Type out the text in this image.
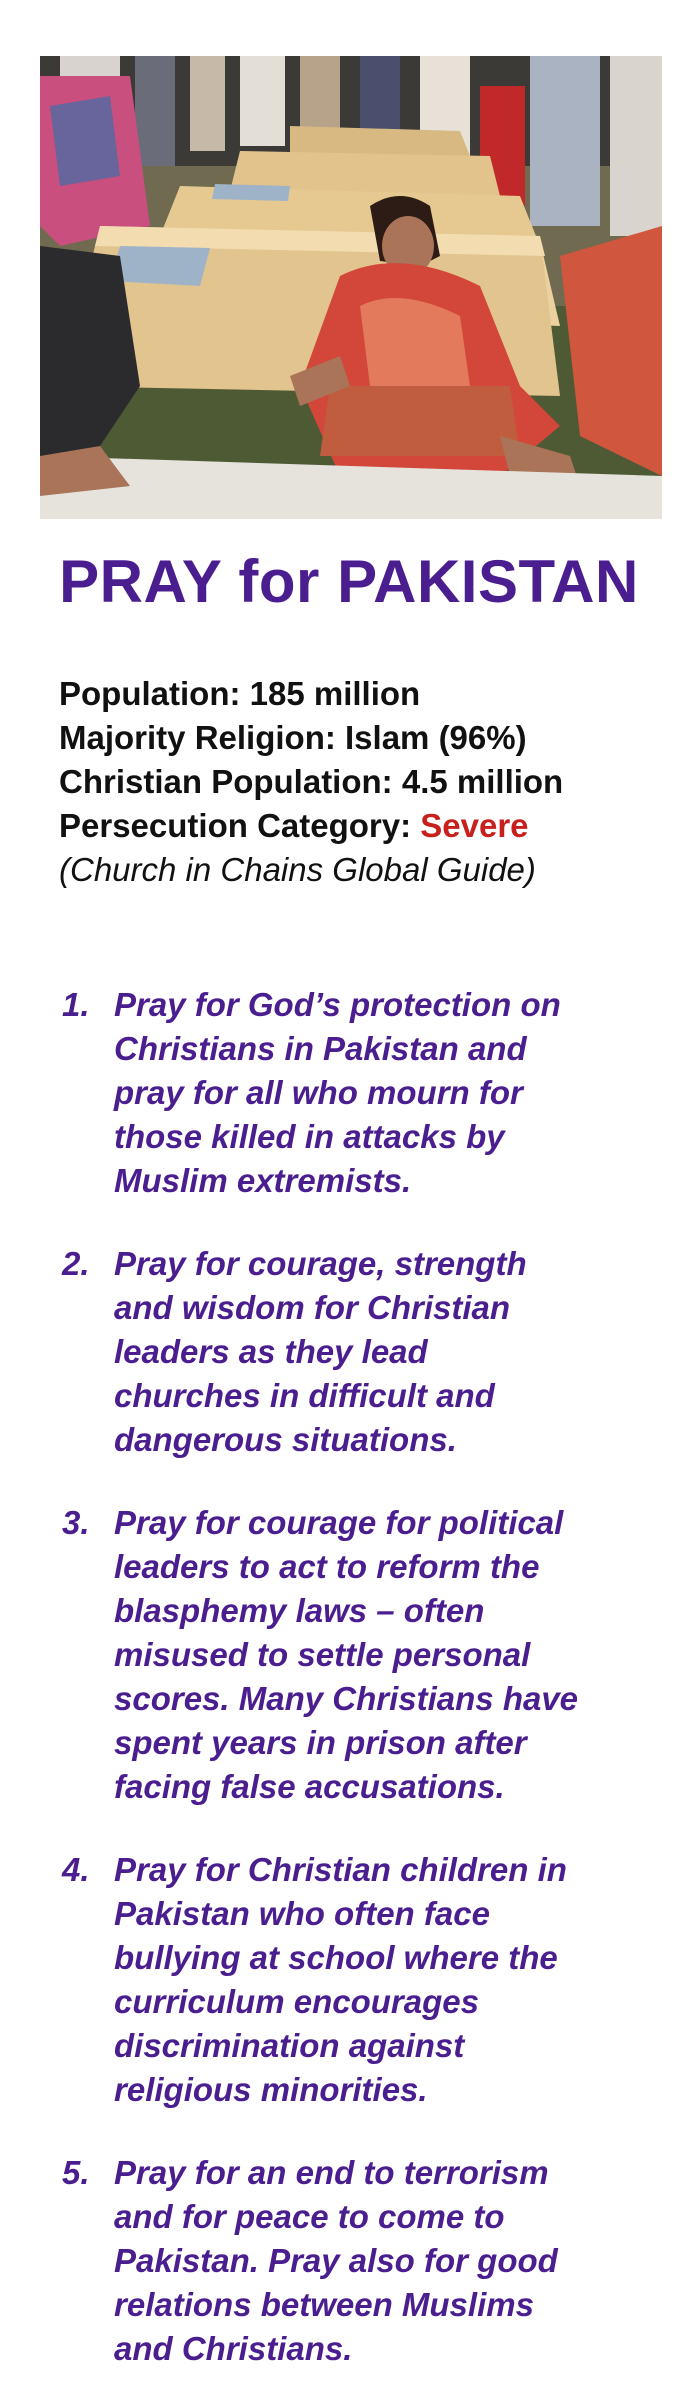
PRAY for PAKISTAN
Population: 185 million
Majority Religion: Islam (96%)
Christian Population: 4.5 million
Persecution Category: Severe
(Church in Chains Global Guide)
1. Pray for God’s protection on
Christians in Pakistan and
pray for all who mourn for
those killed in attacks by
Muslim extremists.
2. Pray for courage, strength
and wisdom for Christian
leaders as they lead
churches in difficult and
dangerous situations.
3. Pray for courage for political
leaders to act to reform the
blasphemy laws – often
misused to settle personal
scores. Many Christians have
spent years in prison after
facing false accusations.
4. Pray for Christian children in
Pakistan who often face
bullying at school where the
curriculum encourages
discrimination against
religious minorities.
5. Pray for an end to terrorism
and for peace to come to
Pakistan. Pray also for good
relations between Muslims
and Christians.
